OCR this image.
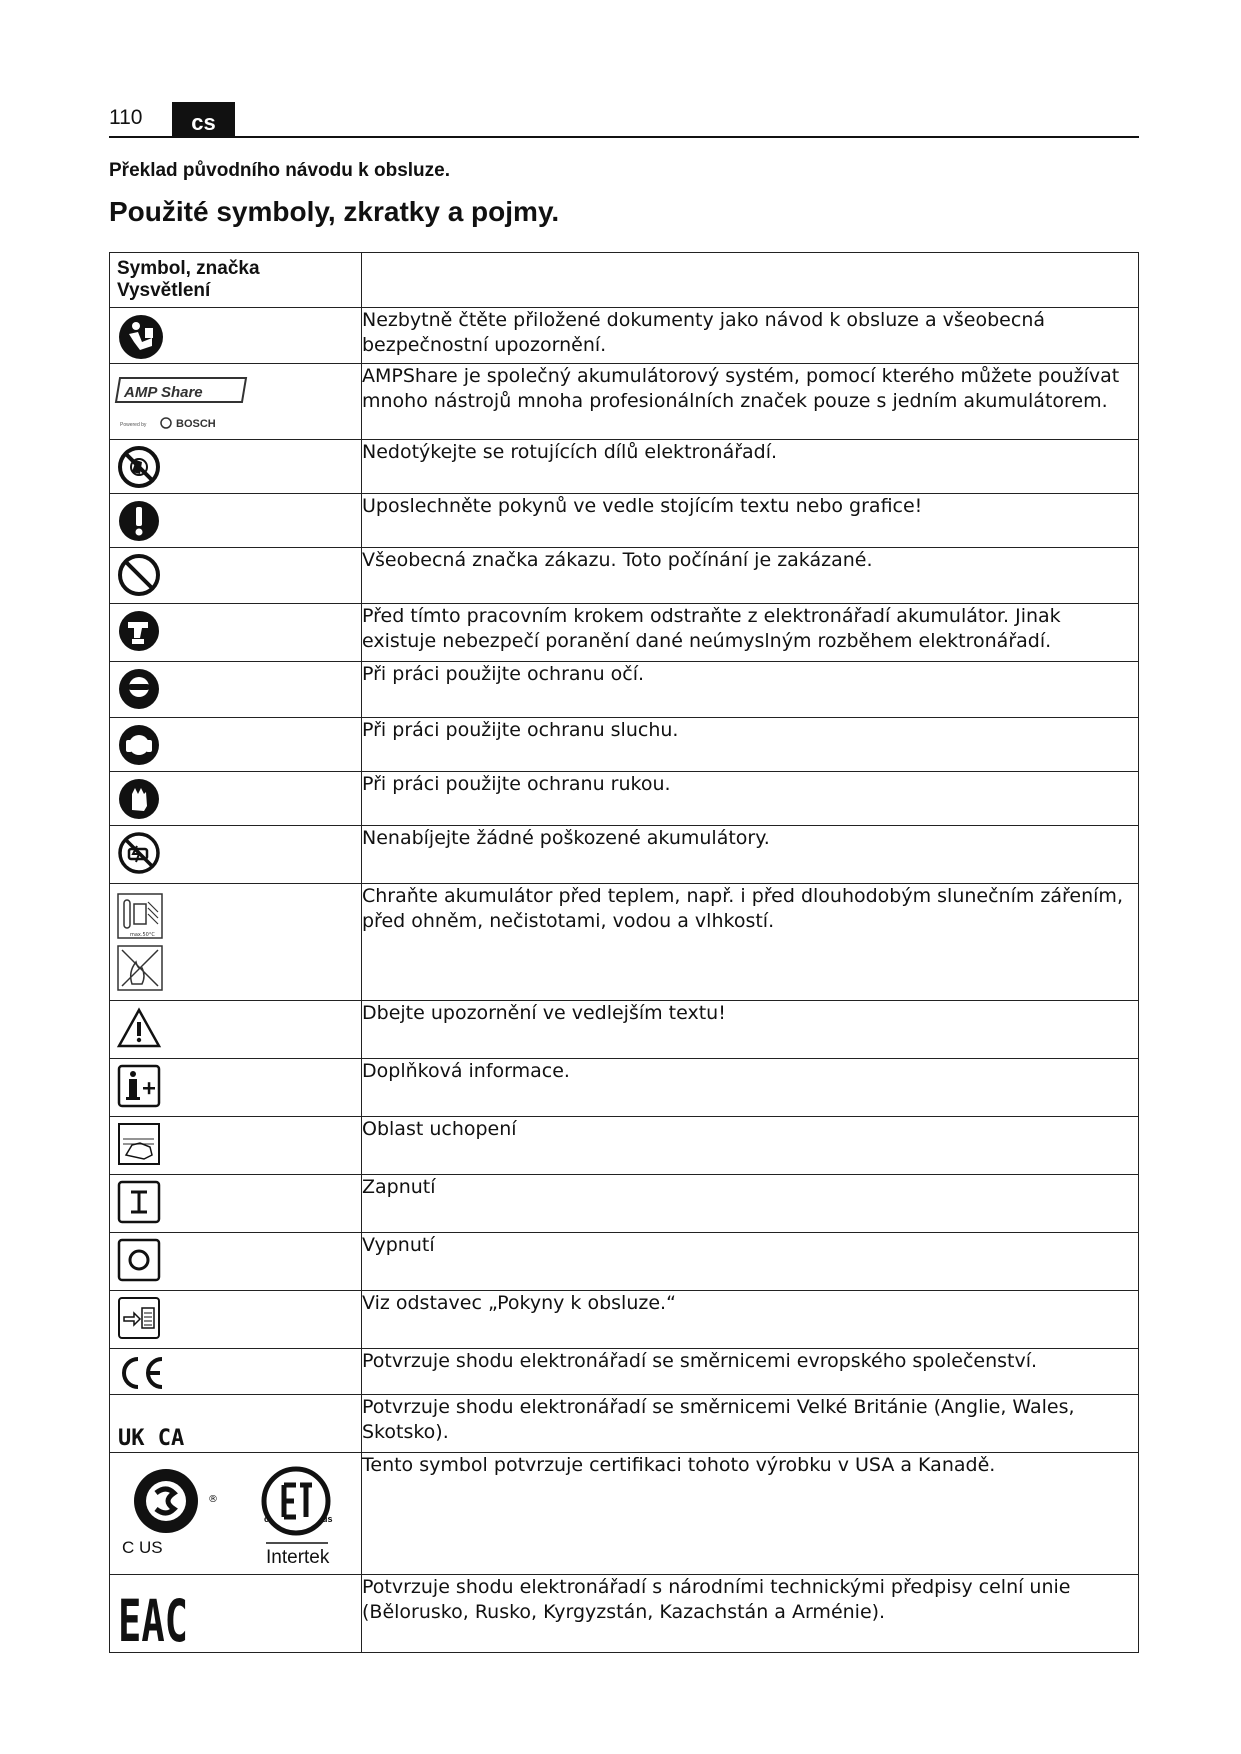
110 cs
Překlad původního návodu k obsluze.
Použité symboly, zkratky a pojmy.
Symbol, značka Vysvětlení	

	Nezbytně čtěte přiložené dokumenty jako návod k obsluze a všeobecná bezpečnostní upozornění.

AMP Share
Powered by BOSCH	AMPShare je společný akumulátorový systém, pomocí kterého můžete používat mnoho nástrojů mnoha profesionálních značek pouze s jedním akumulátorem.

	Nedotýkejte se rotujících dílů elektronářadí.

	Uposlechněte pokynů ve vedle stojícím textu nebo grafice!

	Všeobecná značka zákazu. Toto počínání je zakázané.

	Před tímto pracovním krokem odstraňte z elektronářadí akumulátor. Jinak existuje nebezpečí poranění dané neúmyslným rozběhem elektronářadí.

	Při práci použijte ochranu očí.

	Při práci použijte ochranu sluchu.

	Při práci použijte ochranu rukou.

	Nenabíjejte žádné poškozené akumulátory.

max.50°C	Chraňte akumulátor před teplem, např. i před dlouhodobým slunečním zářením, před ohněm, nečistotami, vodou a vlhkostí.

	Dbejte upozornění ve vedlejším textu!

	Doplňková informace.

	Oblast uchopení

	Zapnutí

	Vypnutí

	Viz odstavec „Pokyny k obsluze.“

	Potvrzuje shodu elektronářadí se směrnicemi evropského společenství.

UK CA	Potvrzuje shodu elektronářadí se směrnicemi Velké Británie (Anglie, Wales, Skotsko).

®
C US
c us
Intertek	Tento symbol potvrzuje certifikaci tohoto výrobku v USA a Kanadě.

EAC	Potvrzuje shodu elektronářadí s národními technickými předpisy celní unie (Bělorusko, Rusko, Kyrgyzstán, Kazachstán a Arménie).
